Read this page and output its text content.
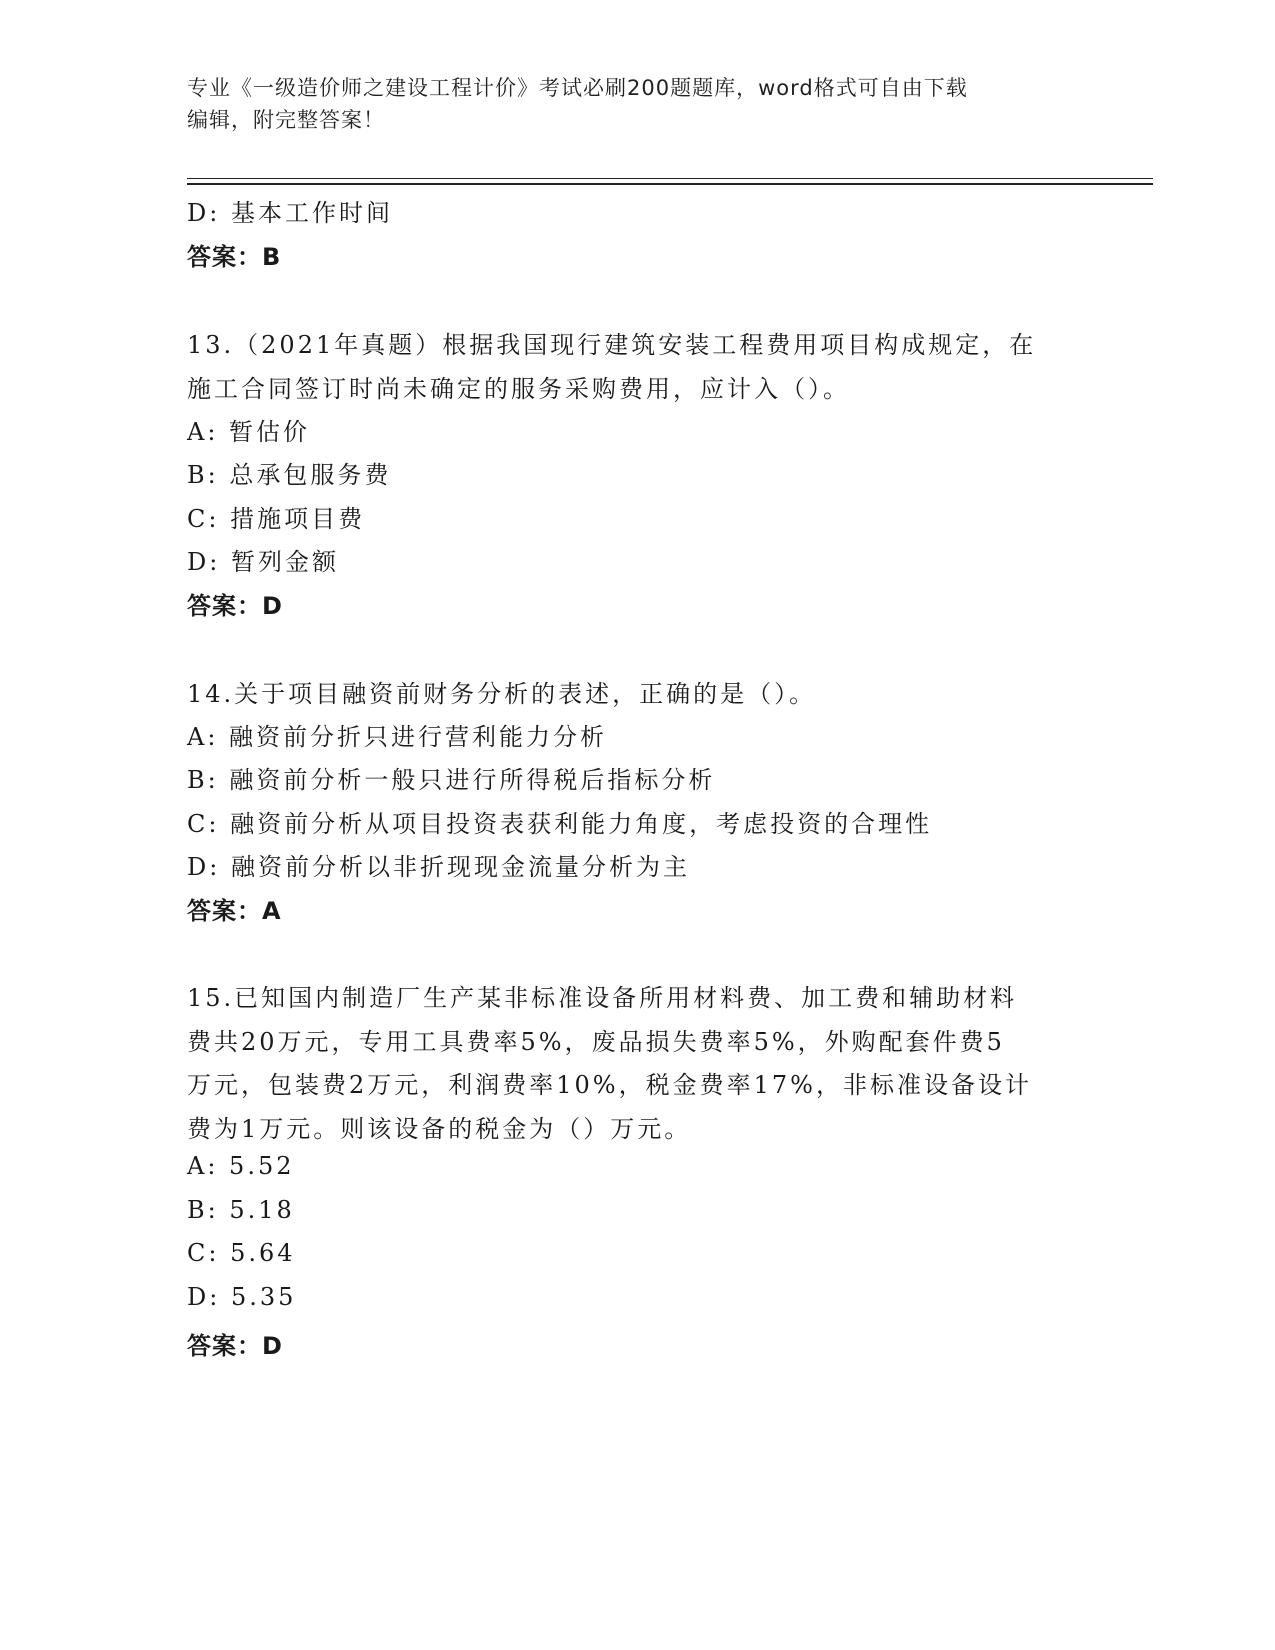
专业《一级造价师之建设工程计价》考试必刷200题题库，word格式可自由下载
编辑，附完整答案！
D: 基本工作时间
答案：B
13.（2021年真题）根据我国现行建筑安装工程费用项目构成规定，在
施工合同签订时尚未确定的服务采购费用，应计入（）。
A: 暂估价
B: 总承包服务费
C: 措施项目费
D: 暂列金额
答案：D
14.关于项目融资前财务分析的表述，正确的是（）。
A: 融资前分折只进行营利能力分析
B: 融资前分析一般只进行所得税后指标分析
C: 融资前分析从项目投资表获利能力角度，考虑投资的合理性
D: 融资前分析以非折现现金流量分析为主
答案：A
15.已知国内制造厂生产某非标准设备所用材料费、加工费和辅助材料
费共20万元，专用工具费率5%，废品损失费率5%，外购配套件费5
万元，包装费2万元，利润费率10%，税金费率17%，非标准设备设计
费为1万元。则该设备的税金为（）万元。
A: 5.52
B: 5.18
C: 5.64
D: 5.35
答案：D
